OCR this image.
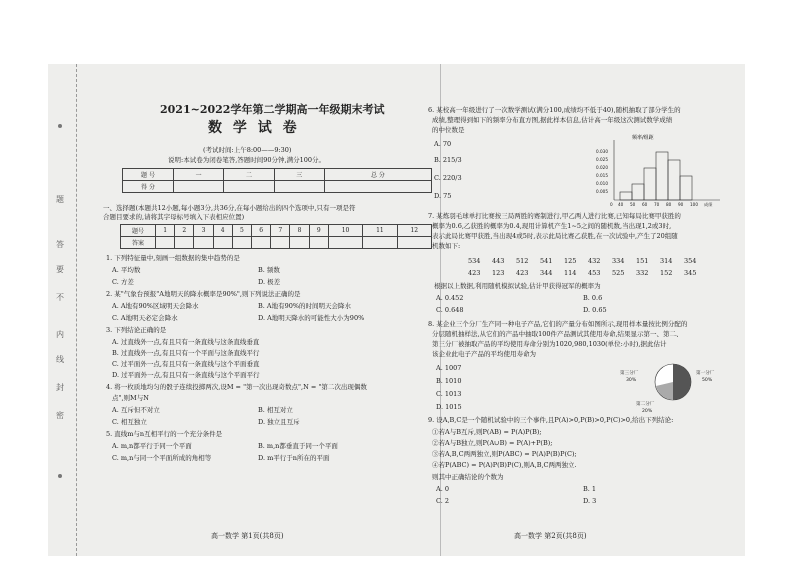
题
答
要
不
内
线
封
密
2021~2022学年第二学期高一年级期末考试
数 学 试 卷
(考试时间:上午8:00——9:30)
说明:本试卷为闭卷笔答,答题时间90分钟,满分100分。
题 号	一	二	三	总 分
得 分				
一、选择题(本题共12小题,每小题3分,共36分,在每小题给出的四个选项中,只有一项是符
合题目要求的,请将其字母标号填入下表相应位置)
题号	1	2	3	4	5	6	7	8	9	10	11	12
答案												
1. 下列特征量中,刻画一组数据的集中趋势的是
A. 平均数	B. 频数
C. 方差	D. 极差
2. 某"气象台预报"A地明天的降水概率是90%",则下列说法正确的是
A. A地有90%区域明天会降水	B. A地有90%的时间明天会降水
C. A地明天必定会降水	D. A地明天降水的可能性大小为90%
3. 下列结论正确的是
A. 过直线外一点,有且只有一条直线与这条直线垂直
B. 过直线外一点,有且只有一个平面与这条直线平行
C. 过平面外一点,有且只有一条直线与这个平面垂直
D. 过平面外一点,有且只有一条直线与这个平面平行
4. 将一枚质地均匀的骰子连续投掷两次,设M = "第一次出现奇数点",N = "第二次出现偶数
点",则M与N
A. 互斥但不对立	B. 相互对立
C. 相互独立	D. 独立且互斥
5. 直线m与n互相平行的一个充分条件是
A. m,n都平行于同一个平面	B. m,n都垂直于同一个平面
C. m,n与同一个平面所成的角相等	D. m平行于n所在的平面
高一数学 第1页(共8页)
6. 某校高一年级进行了一次数学测试(满分100,成绩均不低于40),随机抽取了部分学生的
成绩,整理得到如下的频率分布直方图,据此样本信息,估计高一年级这次测试数学成绩
的中位数是
A. 70
B. 215/3
C. 220/3
D. 75
频率/组距
0.030
0.025
0.020
0.015
0.010
0.005
0 40 50 60 70 80 90 100 成绩
7. 某炼羽毛球单打比赛按三局两胜的赛制进行,甲乙两人进行比赛,已知每局比赛甲获胜的
概率为0.6,乙获胜的概率为0.4,现用计算机产生1~5之间的随机数,当出现1,2或3时,
表示此局比赛甲获胜,当出现4或5时,表示此局比赛乙获胜,在一次试验中,产生了20组随
机数如下:
534 443 512 541 125 432 334 151 314 354
423 123 423 344 114 453 525 332 152 345
根据以上数据,利用随机模拟试验,估计甲获得冠军的概率为
A. 0.452	B. 0.6
C. 0.648	D. 0.65
8. 某企业三个分厂生产同一种电子产品,它们的产量分布如图所示,现用样本量按比例分配的
分层随机抽样法,从它们的产品中抽取100件产品测试其使用寿命,结果显示第一、第二、
第三分厂被抽取产品的平均使用寿命分别为1020,980,1030(单位:小时),据此估计
该企业此电子产品的平均使用寿命为
A. 1007
B. 1010
C. 1013
D. 1015
第三分厂
30%
第一分厂
50%
第二分厂
20%
9. 设A,B,C是一个随机试验中的三个事件,且P(A)>0,P(B)>0,P(C)>0,给出下列结论:
①若A与B互斥,则P(AB) = P(A)P(B);
②若A与B独立,则P(A∪B) = P(A)+P(B);
③若A,B,C两两独立,则P(ABC) = P(A)P(B)P(C);
④若P(ABC) = P(A)P(B)P(C),则A,B,C两两独立.
则其中正确结论的个数为
A. 0	B. 1
C. 2	D. 3
高一数学 第2页(共8页)
